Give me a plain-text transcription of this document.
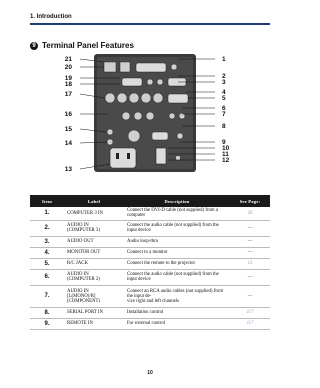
1. Introduction
9 Terminal Panel Features
21
20
19
18
17
16
15
14
13
1
2
3
4
5
6
7
8
9
10
11
12
Item	Label	Description	See Page:
1.	COMPUTER 3 IN	Connect the DVI-D cable (not supplied) from a computer	26
2.	AUDIO IN
(COMPUTER 3)	Connect the audio cable (not supplied) from the input device	—
3.	AUDIO OUT	Audio loop-thru	—
4.	MONITOR OUT	Connect to a monitor	—
5.	R/C JACK	Connect the remote to the projector	15
6.	AUDIO IN
(COMPUTER 2)	Connect the audio cable (not supplied) from the input device	—
7.	AUDIO IN
[L(MONO)/R]
(COMPONENT)	Connect an RCA audio cables (not supplied) from the input de-
vice right and left channels	—
8.	SERIAL PORT IN	Installation control	117
9.	REMOTE IN	For external control	117
10
